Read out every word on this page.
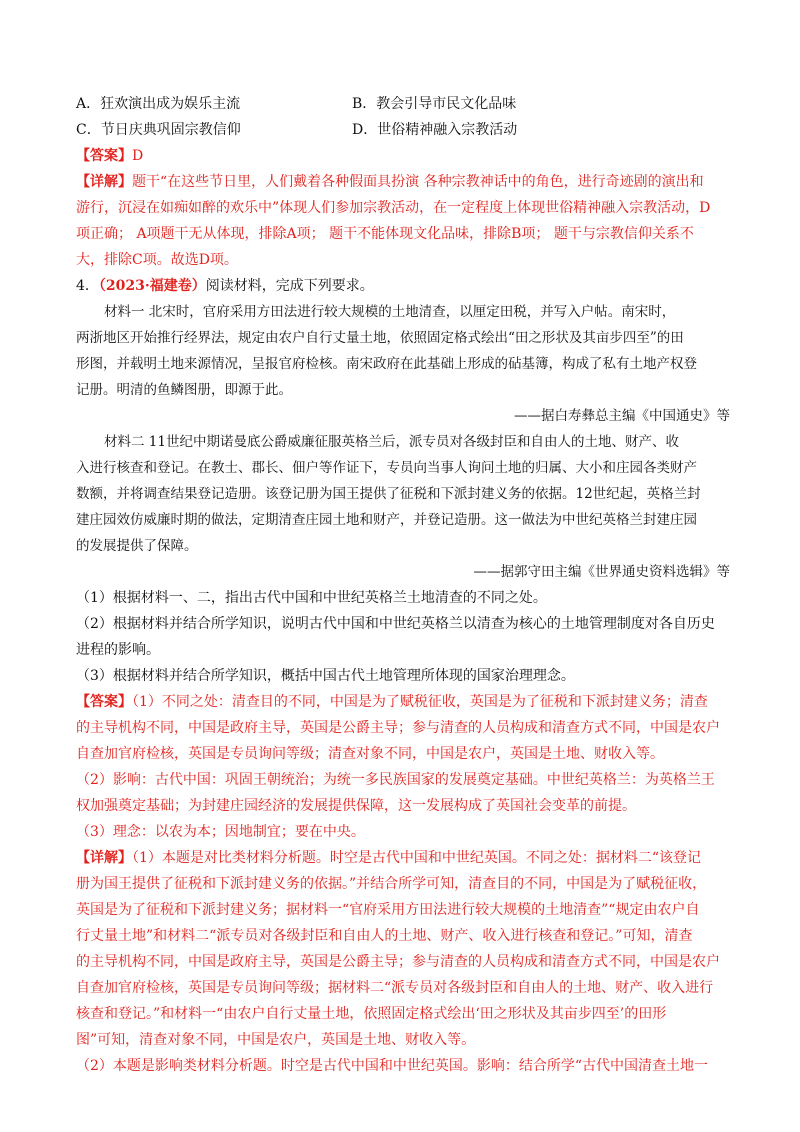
A．狂欢演出成为娱乐主流	B．教会引导市民文化品味
C．节日庆典巩固宗教信仰	D．世俗精神融入宗教活动
【答案】D
【详解】题干“在这些节日里，人们戴着各种假面具扮演 各种宗教神话中的角色，进行奇迹剧的演出和
游行，沉浸在如痴如醉的欢乐中”体现人们参加宗教活动，在一定程度上体现世俗精神融入宗教活动，D
项正确； A项题干无从体现，排除A项； 题干不能体现文化品味，排除B项； 题干与宗教信仰关系不
大，排除C项。故选D项。
4．（2023·福建卷）阅读材料，完成下列要求。
材料一 北宋时，官府采用方田法进行较大规模的土地清查，以厘定田税，并写入户帖。南宋时，
两浙地区开始推行经界法，规定由农户自行丈量土地，依照固定格式绘出“田之形状及其亩步四至”的田
形图，并载明土地来源情况，呈报官府检核。南宋政府在此基础上形成的砧基簿，构成了私有土地产权登
记册。明清的鱼鳞图册，即源于此。
——据白寿彝总主编《中国通史》等
材料二 11世纪中期诺曼底公爵威廉征服英格兰后，派专员对各级封臣和自由人的土地、财产、收
入进行核查和登记。在教士、郡长、佃户等作证下，专员向当事人询问土地的归属、大小和庄园各类财产
数额，并将调查结果登记造册。该登记册为国王提供了征税和下派封建义务的依据。12世纪起，英格兰封
建庄园效仿威廉时期的做法，定期清查庄园土地和财产，并登记造册。这一做法为中世纪英格兰封建庄园
的发展提供了保障。
——据郭守田主编《世界通史资料选辑》等
（1）根据材料一、二，指出古代中国和中世纪英格兰土地清查的不同之处。
（2）根据材料并结合所学知识，说明古代中国和中世纪英格兰以清查为核心的土地管理制度对各自历史
进程的影响。
（3）根据材料并结合所学知识，概括中国古代土地管理所体现的国家治理理念。
【答案】（1）不同之处：清查目的不同，中国是为了赋税征收，英国是为了征税和下派封建义务；清查
的主导机构不同，中国是政府主导，英国是公爵主导；参与清查的人员构成和清查方式不同，中国是农户
自查加官府检核，英国是专员询问等级；清查对象不同，中国是农户，英国是土地、财收入等。
（2）影响：古代中国：巩固王朝统治；为统一多民族国家的发展奠定基础。中世纪英格兰：为英格兰王
权加强奠定基础；为封建庄园经济的发展提供保障，这一发展构成了英国社会变革的前提。
（3）理念：以农为本；因地制宜；要在中央。
【详解】（1）本题是对比类材料分析题。时空是古代中国和中世纪英国。不同之处：据材料二“该登记
册为国王提供了征税和下派封建义务的依据。”并结合所学可知，清查目的不同，中国是为了赋税征收，
英国是为了征税和下派封建义务；据材料一“官府采用方田法进行较大规模的土地清查”“规定由农户自
行丈量土地”和材料二“派专员对各级封臣和自由人的土地、财产、收入进行核查和登记。”可知，清查
的主导机构不同，中国是政府主导，英国是公爵主导；参与清查的人员构成和清查方式不同，中国是农户
自查加官府检核，英国是专员询问等级；据材料二“派专员对各级封臣和自由人的土地、财产、收入进行
核查和登记。”和材料一“由农户自行丈量土地，依照固定格式绘出‘田之形状及其亩步四至’的田形
图”可知，清查对象不同，中国是农户，英国是土地、财收入等。
（2）本题是影响类材料分析题。时空是古代中国和中世纪英国。影响：结合所学“古代中国清查土地一
